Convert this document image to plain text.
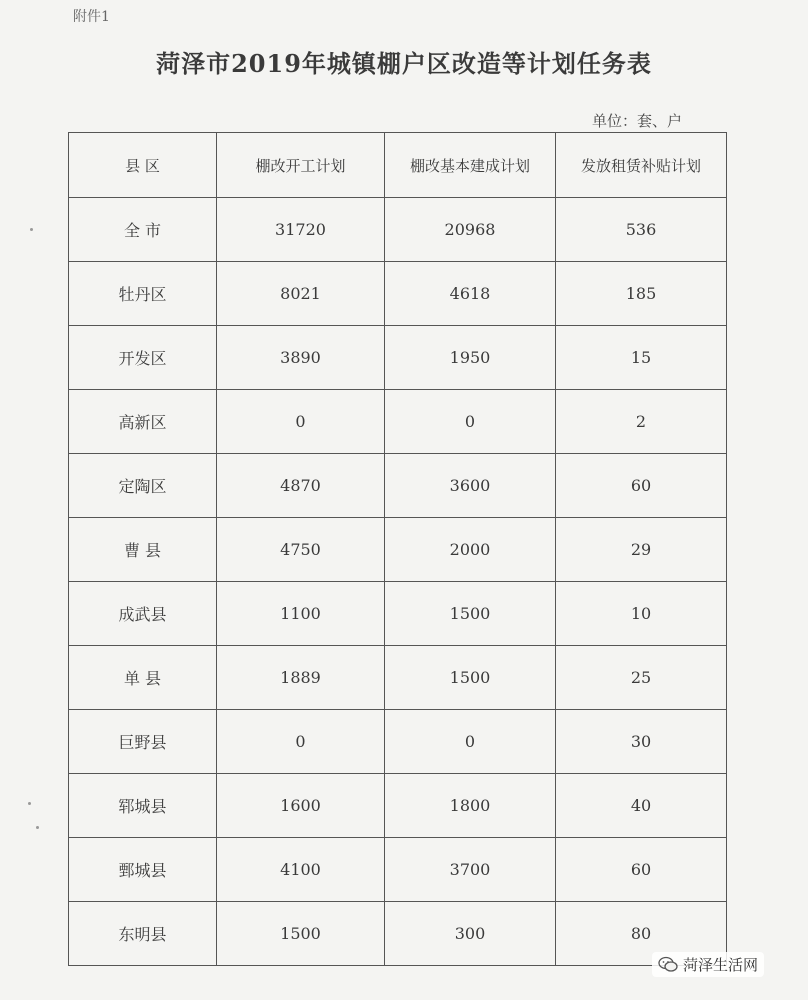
附件1
菏泽市2019年城镇棚户区改造等计划任务表
单位：套、户
县 区	棚改开工计划	棚改基本建成计划	发放租赁补贴计划
全 市	31720	20968	536
牡丹区	8021	4618	185
开发区	3890	1950	15
高新区	0	0	2
定陶区	4870	3600	60
曹 县	4750	2000	29
成武县	1100	1500	10
单 县	1889	1500	25
巨野县	0	0	30
郓城县	1600	1800	40
鄄城县	4100	3700	60
东明县	1500	300	80
菏泽生活网
